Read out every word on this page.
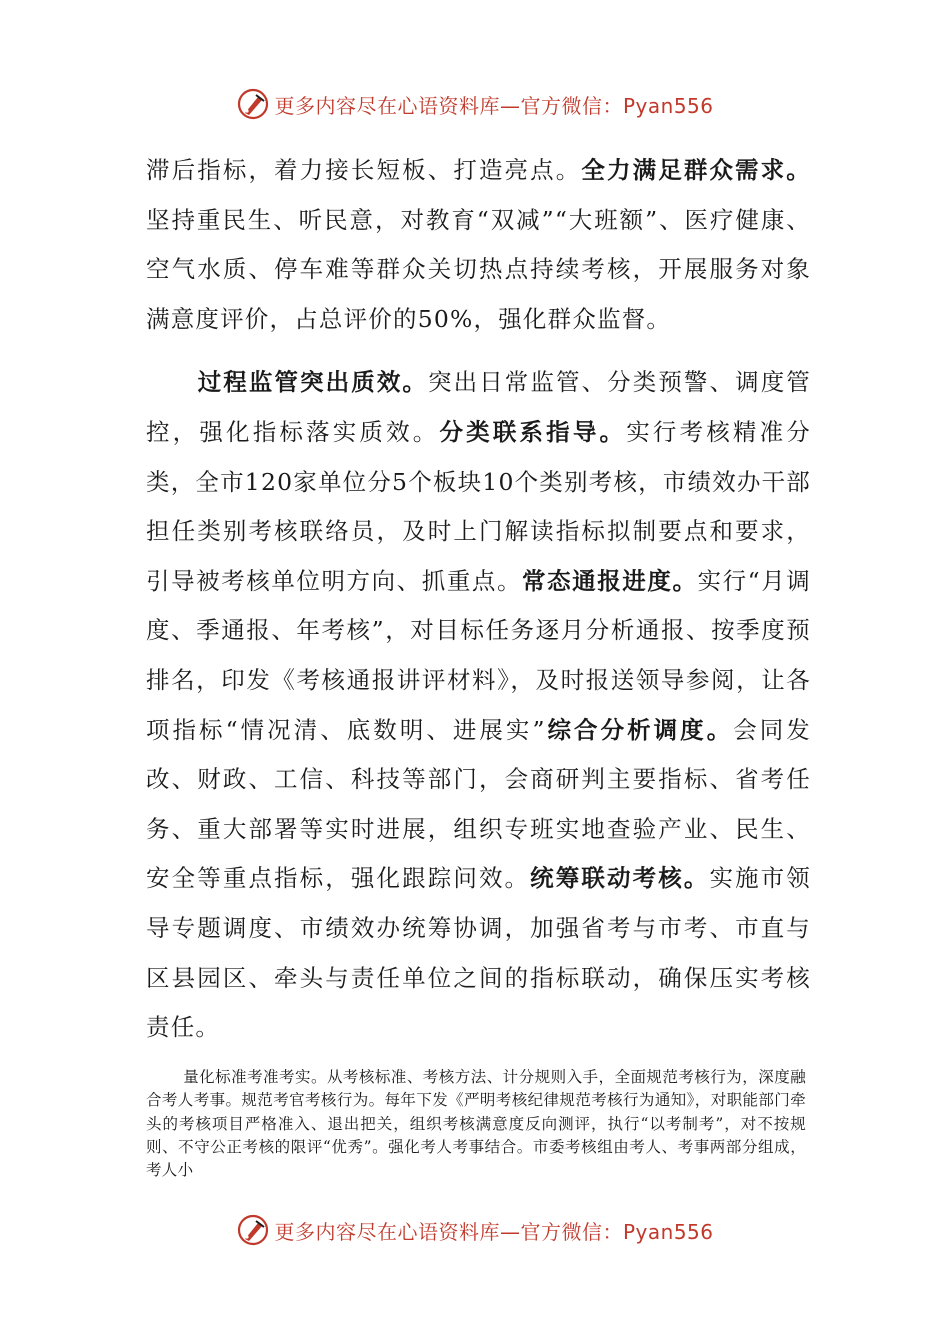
更多内容尽在心语资料库—官方微信：Pyan556

滞后指标，着力接长短板、打造亮点。全力满足群众需求。坚持重民生、听民意，对教育“双减”“大班额”、医疗健康、空气水质、停车难等群众关切热点持续考核，开展服务对象满意度评价，占总评价的50%，强化群众监督。

过程监管突出质效。突出日常监管、分类预警、调度管控，强化指标落实质效。分类联系指导。实行考核精准分类，全市120家单位分5个板块10个类别考核，市绩效办干部担任类别考核联络员，及时上门解读指标拟制要点和要求，引导被考核单位明方向、抓重点。常态通报进度。实行“月调度、季通报、年考核”，对目标任务逐月分析通报、按季度预排名，印发《考核通报讲评材料》，及时报送领导参阅，让各项指标“情况清、底数明、进展实”综合分析调度。会同发改、财政、工信、科技等部门，会商研判主要指标、省考任务、重大部署等实时进展，组织专班实地查验产业、民生、安全等重点指标，强化跟踪问效。统筹联动考核。实施市领导专题调度、市绩效办统筹协调，加强省考与市考、市直与区县园区、牵头与责任单位之间的指标联动，确保压实考核责任。

量化标准考准考实。从考核标准、考核方法、计分规则入手，全面规范考核行为，深度融合考人考事。规范考官考核行为。每年下发《严明考核纪律规范考核行为通知》，对职能部门牵头的考核项目严格准入、退出把关，组织考核满意度反向测评，执行“以考制考”，对不按规则、不守公正考核的限评“优秀”。强化考人考事结合。市委考核组由考人、考事两部分组成，考人小

更多内容尽在心语资料库—官方微信：Pyan556
